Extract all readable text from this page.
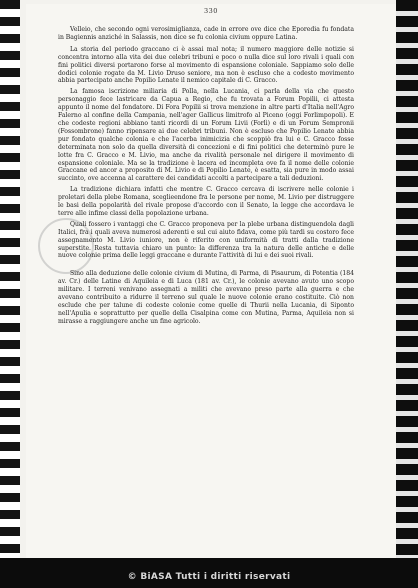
330

Velleio, che secondo ogni verosimiglianza, cade in errore ove dice che Eporedia fu fondata in Bagiennis anziché in Salassis, non dice se fu colonia civium oppure Latina.

La storia del periodo graccano ci è assai mal nota; il numero maggiore delle notizie si concentra intorno alla vita dei due celebri tribuni e poco o nulla dice sul loro rivali i quali con fini politici diversi portarono forse al movimento di espansione coloniale. Sappiamo solo delle dodici colonie rogate da M. Livio Druso seniore, ma non è escluso che a codesto movimento abbia partecipato anche Popilio Lenate il nemico capitale di C. Gracco.

La famosa iscrizione miliaria di Polla, nella Lucania, ci parla della via che questo personaggio fece lastricare da Capua a Regio, che fu trovata a Forum Popilii, ci attesta appunto il nome del fondatore. Di Fora Popilii si trova menzione in altre parti d'Italia nell'Agro Falerno al confine della Campania, nell'ager Gallicus limitrofo al Piceno (oggi Forlimpopoli). E che codeste regioni abbiano tanti ricordi di un Forum Livii (Forlì) e di un Forum Sempronii (Fossombrone) fanno ripensare ai due celebri tribuni. Non è escluso che Popilio Lenate abbia pur fondato qualche colonia e che l'acerba inimicizia che scoppiò fra lui e C. Gracco fosse determinata non solo da quella diversità di concezioni e di fini politici che determinò pure le lotte fra C. Gracco e M. Livio, ma anche da rivalità personale nel dirigere il movimento di espansione coloniale. Ma se la tradizione è lacera ed incompleta ove fa il nome delle colonie Graccane ed ancor a proposito di M. Livio e di Popilio Lenate, è esatta, sia pure in modo assai succinto, ove accenna al carattere dei candidati accolti a partecipare a tali deduzioni.

La tradizione dichiara infatti che mentre C. Gracco cercava di iscrivere nelle colonie i proletari della plebe Romana, sceglieendone fra le persone per nome, M. Livio per distruggere le basi della popolarità del rivale propose d'accordo con il Senato, la legge che accordava le terre alle infime classi della popolazione urbana.

Quali fossero i vantaggi che C. Gracco proponeva per la plebe urbana distinguendola dagli Italici, fra i quali aveva numerosi aderenti e sul cui aiuto fidava, come più tardi su costoro fece assegnamento M. Livio iuniore, non è riferito con uniformità di tratti dalla tradizione superstite. Resta tuttavia chiaro un punto: la differenza tra la natura delle antiche e delle nuove colonie prima delle leggi graccane e durante l'attività di lui e dei suoi rivali.

Sino alla deduzione delle colonie civium di Mutina, di Parma, di Pisaurum, di Potentia (184 av. Cr.) delle Latine di Aquileia e di Luca (181 av. Cr.), le colonie avevano avuto uno scopo militare. I terreni venivano assegnati a militi che avevano preso parte alla guerra e che avevano contribuito a ridurre il terreno sul quale le nuove colonie erano costituite. Ciò non esclude che per talune di codeste colonie come quelle di Thurii nella Lucania, di Siponto nell'Apulia e soprattutto per quelle della Cisalpina come con Mutina, Parma, Aquileia non si mirasse a raggiungere anche un fine agricolo.

© BiASA Tutti i diritti riservati
